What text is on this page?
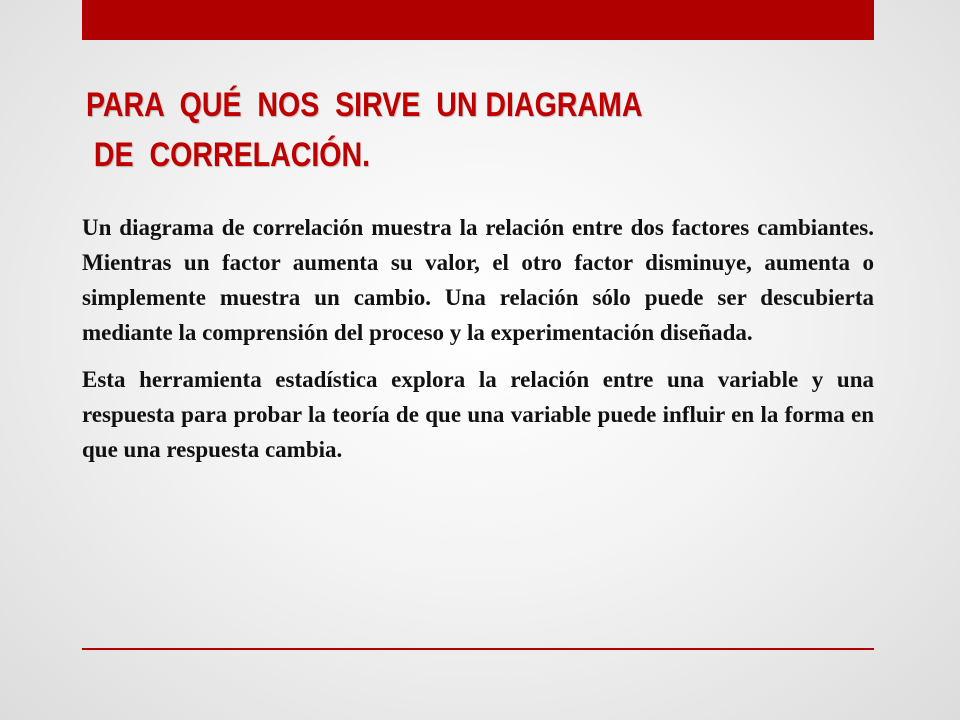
PARA  QUÉ  NOS  SIRVE  UN DIAGRAMA
DE  CORRELACIÓN.

Un diagrama de correlación muestra la relación entre dos factores cambiantes. Mientras un factor aumenta su valor, el otro factor disminuye, aumenta o simplemente muestra un cambio. Una relación sólo puede ser descubierta mediante la comprensión del proceso y la experimentación diseñada.

Esta herramienta estadística explora la relación entre una variable y una respuesta para probar la teoría de que una variable puede influir en la forma en que una respuesta cambia.
